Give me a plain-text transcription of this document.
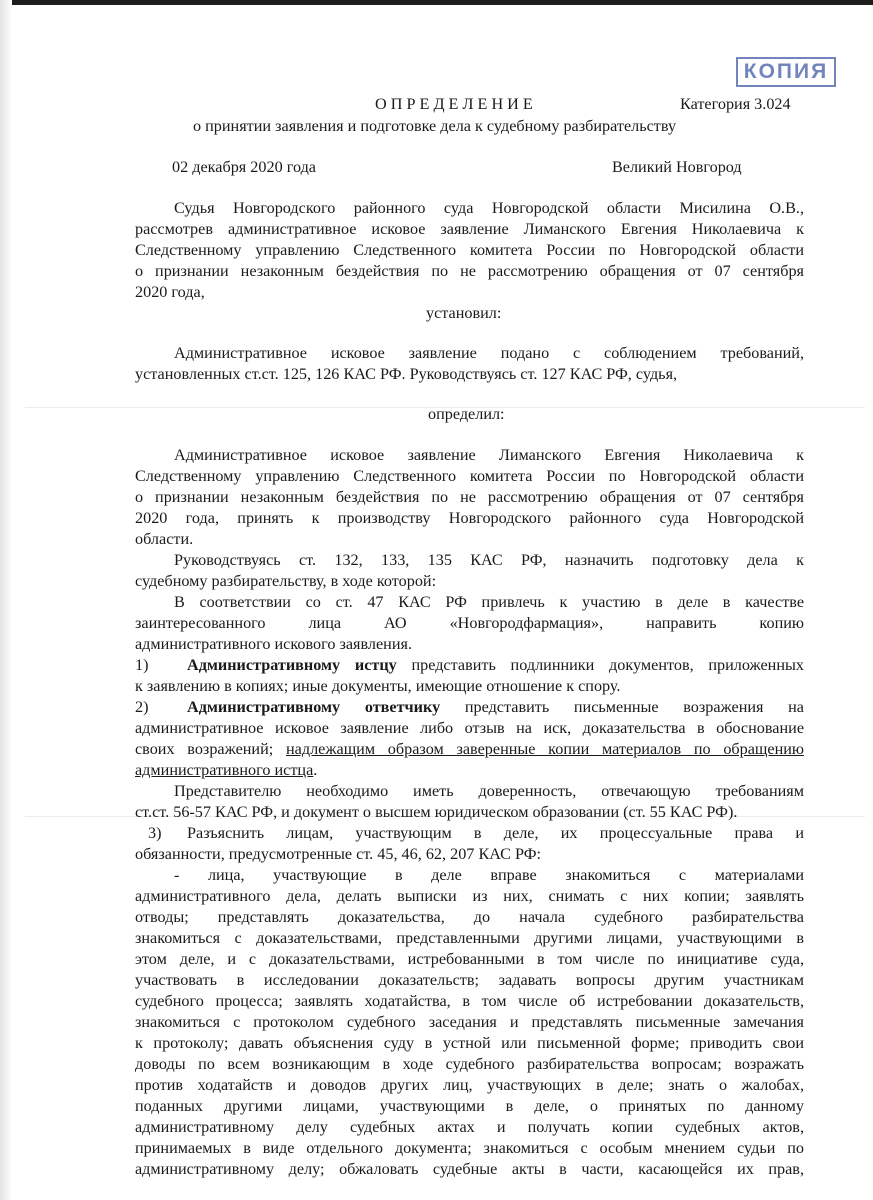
КОПИЯ
О П Р Е Д Е Л Е Н И Е	Категория 3.024
о принятии заявления и подготовке дела к судебному разбирательству
02 декабря 2020 года	Великий Новгород
Судья Новгородского районного суда Новгородской области Мисилина О.В.,
рассмотрев административное исковое заявление Лиманского Евгения Николаевича к
Следственному управлению Следственного комитета России по Новгородской области
о признании незаконным бездействия по не рассмотрению обращения от 07 сентября
2020 года,
установил:
Административное исковое заявление подано с соблюдением требований,
установленных ст.ст. 125, 126 КАС РФ. Руководствуясь ст. 127 КАС РФ, судья,
определил:
Административное исковое заявление Лиманского Евгения Николаевича к
Следственному управлению Следственного комитета России по Новгородской области
о признании незаконным бездействия по не рассмотрению обращения от 07 сентября
2020 года, принять к производству Новгородского районного суда Новгородской
области.
Руководствуясь ст. 132, 133, 135 КАС РФ, назначить подготовку дела к
судебному разбирательству, в ходе которой:
В соответствии со ст. 47 КАС РФ привлечь к участию в деле в качестве
заинтересованного лица АО «Новгородфармация», направить копию
административного искового заявления.
1) Административному истцу представить подлинники документов, приложенных
к заявлению в копиях; иные документы, имеющие отношение к спору.
2) Административному ответчику представить письменные возражения на
административное исковое заявление либо отзыв на иск, доказательства в обоснование
своих возражений; надлежащим образом заверенные копии материалов по обращению
административного истца.
Представителю необходимо иметь доверенность, отвечающую требованиям
ст.ст. 56-57 КАС РФ, и документ о высшем юридическом образовании (ст. 55 КАС РФ).
3) Разъяснить лицам, участвующим в деле, их процессуальные права и
обязанности, предусмотренные ст. 45, 46, 62, 207 КАС РФ:
- лица, участвующие в деле вправе знакомиться с материалами
административного дела, делать выписки из них, снимать с них копии; заявлять
отводы; представлять доказательства, до начала судебного разбирательства
знакомиться с доказательствами, представленными другими лицами, участвующими в
этом деле, и с доказательствами, истребованными в том числе по инициативе суда,
участвовать в исследовании доказательств; задавать вопросы другим участникам
судебного процесса; заявлять ходатайства, в том числе об истребовании доказательств,
знакомиться с протоколом судебного заседания и представлять письменные замечания
к протоколу; давать объяснения суду в устной или письменной форме; приводить свои
доводы по всем возникающим в ходе судебного разбирательства вопросам; возражать
против ходатайств и доводов других лиц, участвующих в деле; знать о жалобах,
поданных другими лицами, участвующими в деле, о принятых по данному
административному делу судебных актах и получать копии судебных актов,
принимаемых в виде отдельного документа; знакомиться с особым мнением судьи по
административному делу; обжаловать судебные акты в части, касающейся их прав,
